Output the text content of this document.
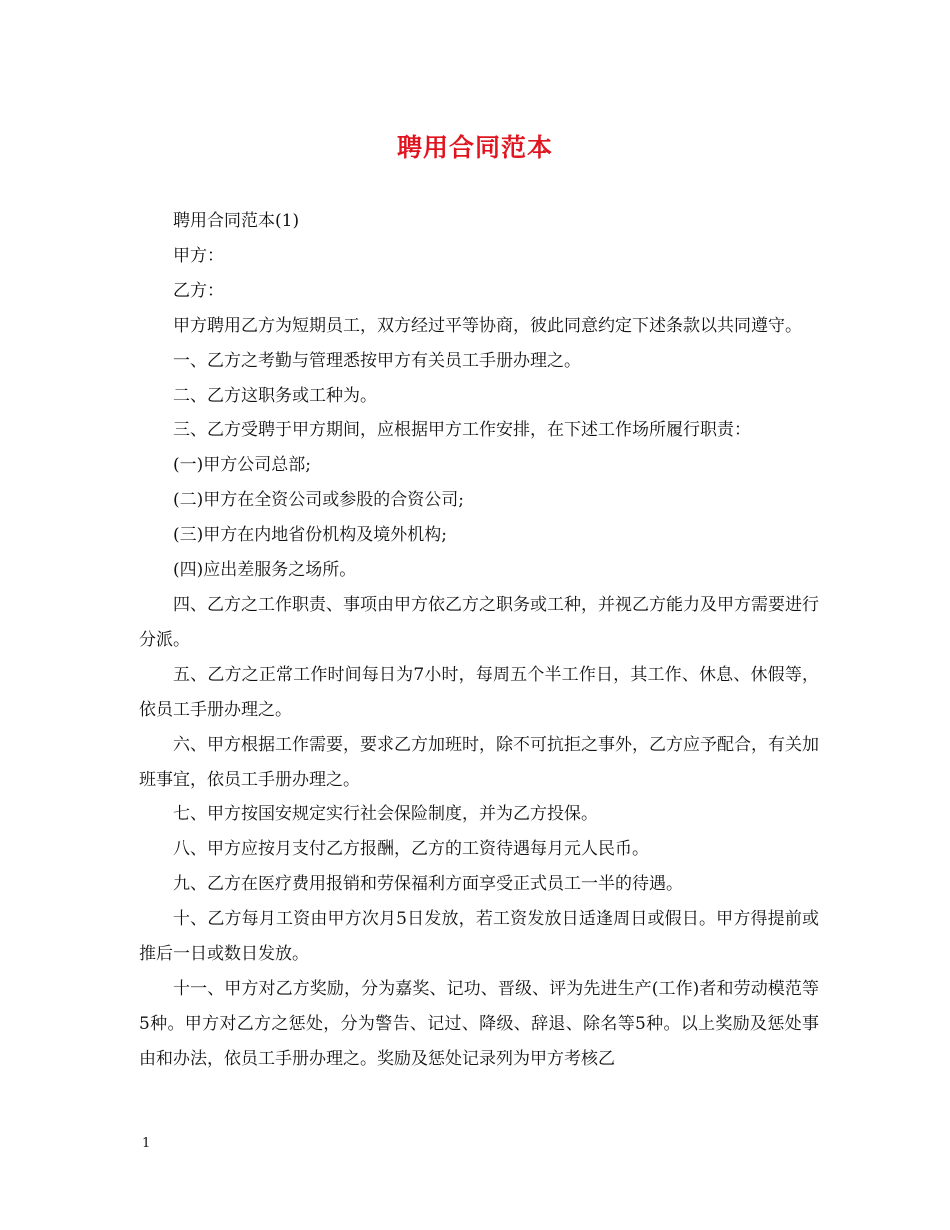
聘用合同范本

聘用合同范本(1)

甲方：

乙方：

甲方聘用乙方为短期员工，双方经过平等协商，彼此同意约定下述条款以共同遵守。

一、乙方之考勤与管理悉按甲方有关员工手册办理之。

二、乙方这职务或工种为。

三、乙方受聘于甲方期间，应根据甲方工作安排，在下述工作场所履行职责：

(一)甲方公司总部;

(二)甲方在全资公司或参股的合资公司;

(三)甲方在内地省份机构及境外机构;

(四)应出差服务之场所。

四、乙方之工作职责、事项由甲方依乙方之职务或工种，并视乙方能力及甲方需要进行分派。

五、乙方之正常工作时间每日为7小时，每周五个半工作日，其工作、休息、休假等，依员工手册办理之。

六、甲方根据工作需要，要求乙方加班时，除不可抗拒之事外，乙方应予配合，有关加班事宜，依员工手册办理之。

七、甲方按国安规定实行社会保险制度，并为乙方投保。

八、甲方应按月支付乙方报酬，乙方的工资待遇每月元人民币。

九、乙方在医疗费用报销和劳保福利方面享受正式员工一半的待遇。

十、乙方每月工资由甲方次月5日发放，若工资发放日适逢周日或假日。甲方得提前或推后一日或数日发放。

十一、甲方对乙方奖励，分为嘉奖、记功、晋级、评为先进生产(工作)者和劳动模范等5种。甲方对乙方之惩处，分为警告、记过、降级、辞退、除名等5种。以上奖励及惩处事由和办法，依员工手册办理之。奖励及惩处记录列为甲方考核乙

1
